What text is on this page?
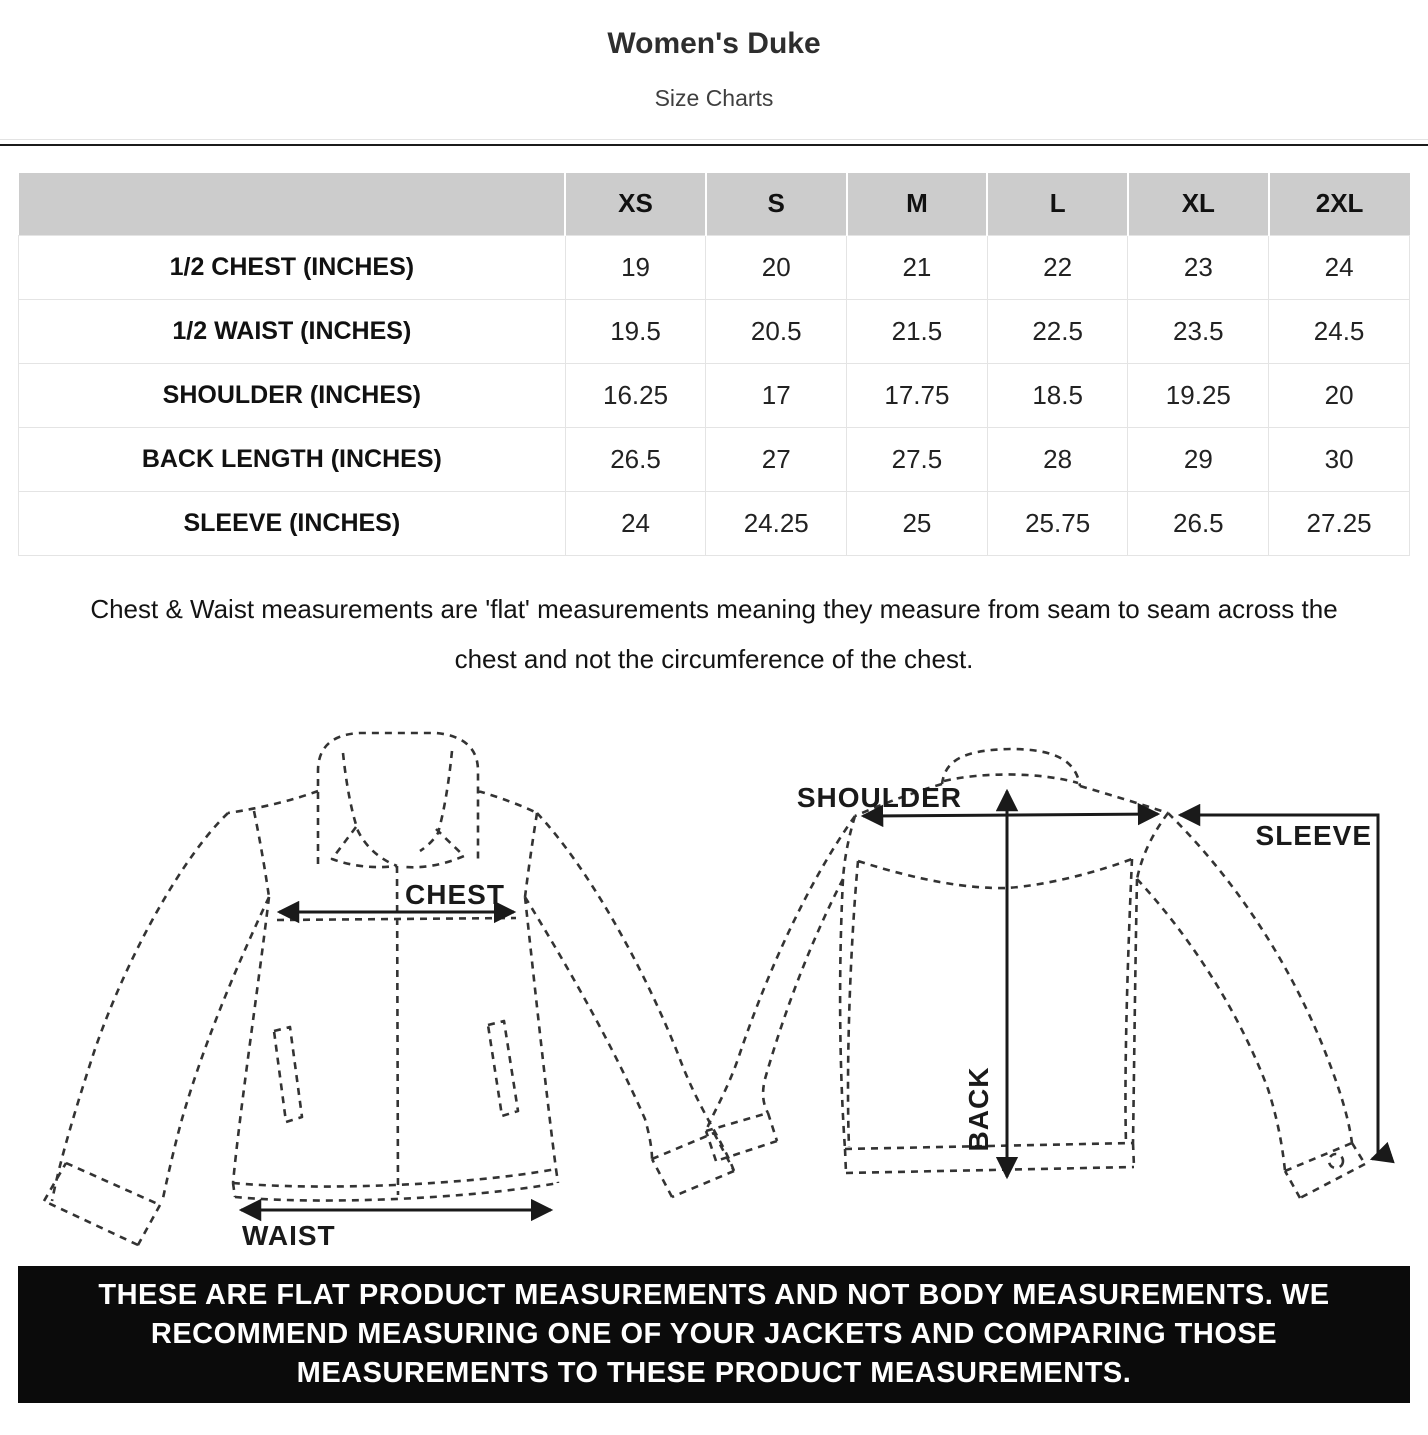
Women's Duke
Size Charts
	XS	S	M	L	XL	2XL
1/2 CHEST (INCHES)	19	20	21	22	23	24
1/2 WAIST (INCHES)	19.5	20.5	21.5	22.5	23.5	24.5
SHOULDER (INCHES)	16.25	17	17.75	18.5	19.25	20
BACK LENGTH (INCHES)	26.5	27	27.5	28	29	30
SLEEVE (INCHES)	24	24.25	25	25.75	26.5	27.25
Chest & Waist measurements are 'flat' measurements meaning they measure from seam to seam across the
chest and not the circumference of the chest.
CHEST
WAIST
SHOULDER
SLEEVE
BACK
THESE ARE FLAT PRODUCT MEASUREMENTS AND NOT BODY MEASUREMENTS. WE
RECOMMEND MEASURING ONE OF YOUR JACKETS AND COMPARING THOSE
MEASUREMENTS TO THESE PRODUCT MEASUREMENTS.
